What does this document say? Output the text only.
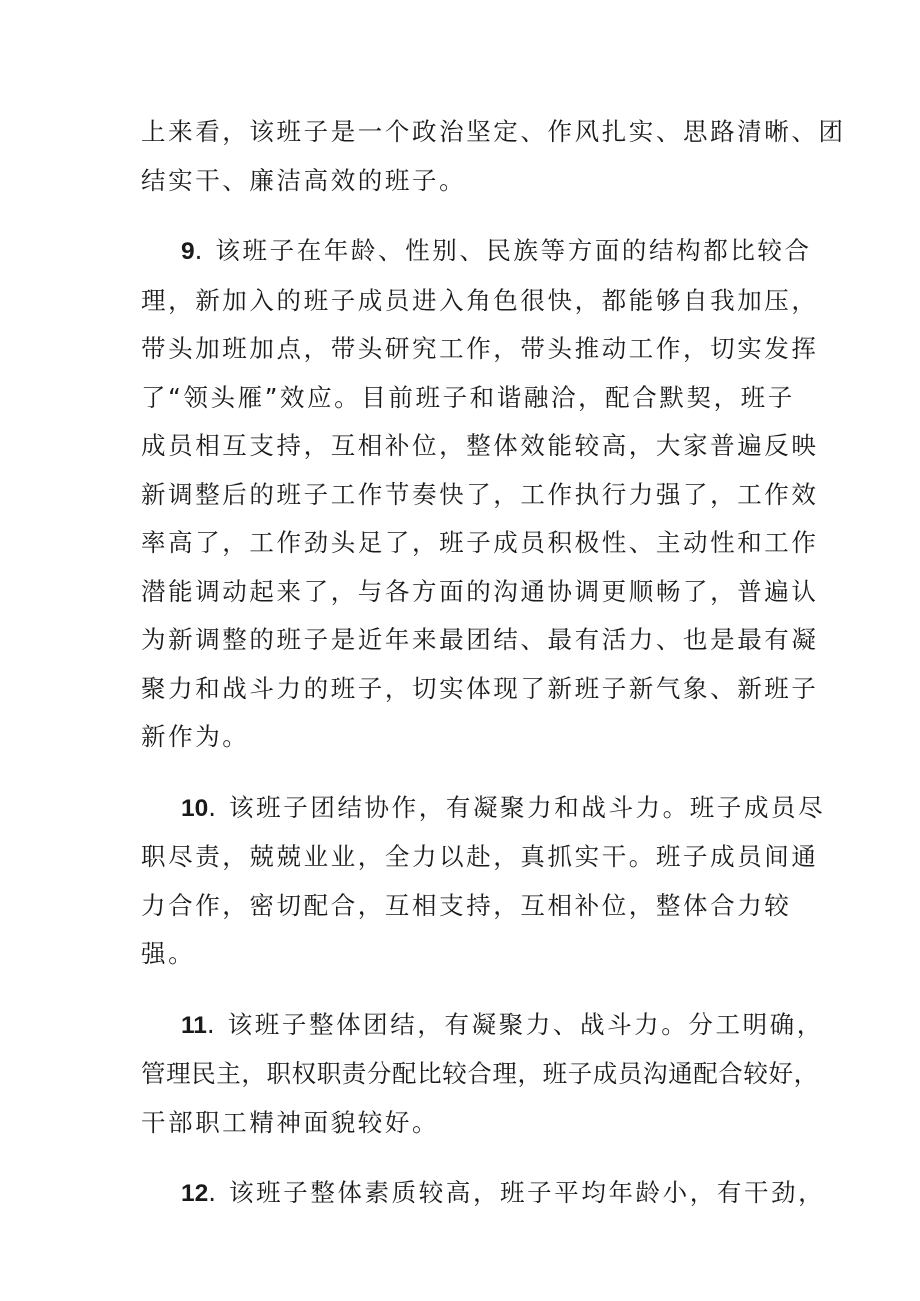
上来看，该班子是一个政治坚定、作风扎实、思路清晰、团
结实干、廉洁高效的班子。
9. 该班子在年龄、性别、民族等方面的结构都比较合
理，新加入的班子成员进入角色很快，都能够自我加压，
带头加班加点，带头研究工作，带头推动工作，切实发挥
了“领头雁”效应。目前班子和谐融洽，配合默契，班子
成员相互支持，互相补位，整体效能较高，大家普遍反映
新调整后的班子工作节奏快了，工作执行力强了，工作效
率高了，工作劲头足了，班子成员积极性、主动性和工作
潜能调动起来了，与各方面的沟通协调更顺畅了，普遍认
为新调整的班子是近年来最团结、最有活力、也是最有凝
聚力和战斗力的班子，切实体现了新班子新气象、新班子
新作为。
10. 该班子团结协作，有凝聚力和战斗力。班子成员尽
职尽责，兢兢业业，全力以赴，真抓实干。班子成员间通
力合作，密切配合，互相支持，互相补位，整体合力较
强。
11. 该班子整体团结，有凝聚力、战斗力。分工明确，
管理民主，职权职责分配比较合理，班子成员沟通配合较好，
干部职工精神面貌较好。
12. 该班子整体素质较高，班子平均年龄小，有干劲，
